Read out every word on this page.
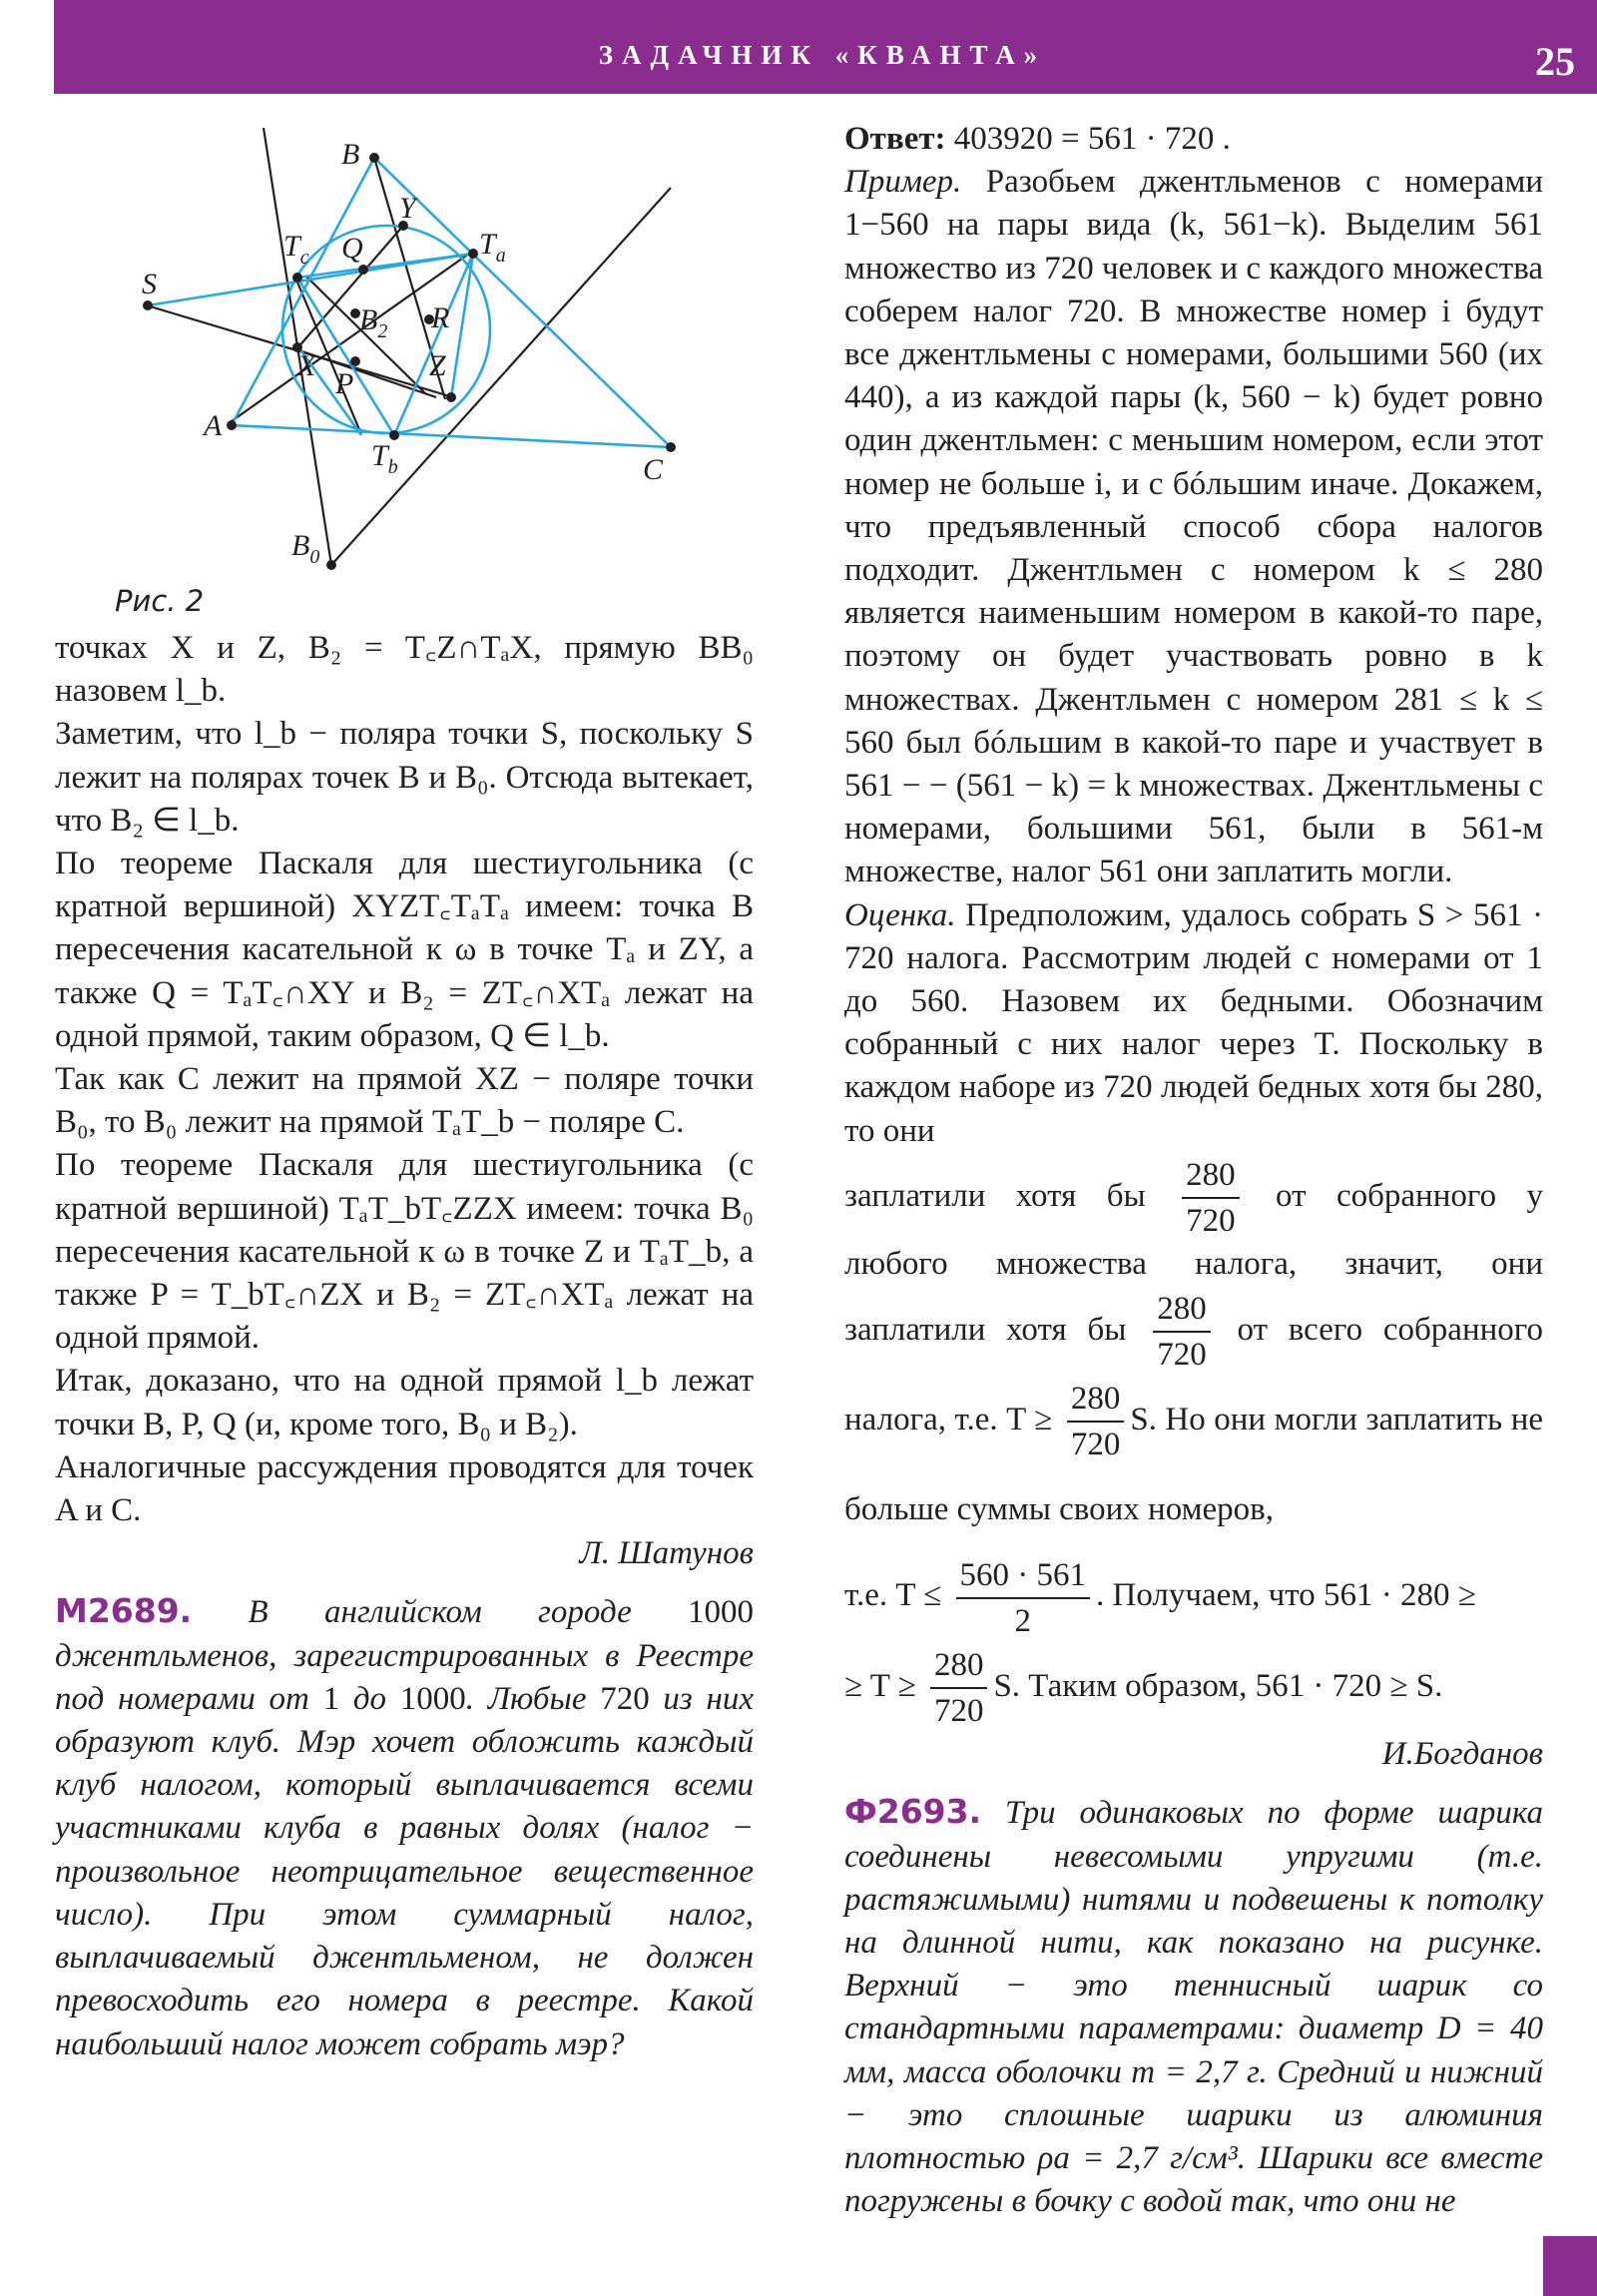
ЗАДАЧНИК «КВАНТА»	25
B
Y
$T_c$ Q	$T_a$
S
$B_2$ R
X
P
Z
A
$T_b$	C
$B_0$
Рис. 2

точках X и Z, B₂ = T꜀Z∩TₐX, прямую BB₀ назовем l_b.

Заметим, что l_b − поляра точки S, поскольку S лежит на полярах точек B и B₀. Отсюда вытекает, что B₂ ∈ l_b.

По теореме Паскаля для шестиугольника (с кратной вершиной) XYZT꜀TₐTₐ имеем: точка B пересечения касательной к ω в точке Tₐ и ZY, а также Q = TₐT꜀∩XY и B₂ = ZT꜀∩XTₐ лежат на одной прямой, таким образом, Q ∈ l_b.

Так как C лежит на прямой XZ − поляре точки B₀, то B₀ лежит на прямой TₐT_b − поляре C.

По теореме Паскаля для шестиугольника (с кратной вершиной) TₐT_bT꜀ZZX имеем: точка B₀ пересечения касательной к ω в точке Z и TₐT_b, а также P = T_bT꜀∩ZX и B₂ = ZT꜀∩XTₐ лежат на одной прямой.

Итак, доказано, что на одной прямой l_b лежат точки B, P, Q (и, кроме того, B₀ и B₂).

Аналогичные рассуждения проводятся для точек A и C.

Л. Шатунов

М2689. В английском городе 1000 джентльменов, зарегистрированных в Реестре под номерами от 1 до 1000. Любые 720 из них образуют клуб. Мэр хочет обложить каждый клуб налогом, который выплачивается всеми участниками клуба в равных долях (налог − произвольное неотрицательное вещественное число). При этом суммарный налог, выплачиваемый джентльменом, не должен превосходить его номера в реестре. Какой наибольший налог может собрать мэр?

Ответ: 403920 = 561 · 720 .

Пример. Разобьем джентльменов с номерами 1−560 на пары вида (k, 561−k). Выделим 561 множество из 720 человек и с каждого множества соберем налог 720. В множестве номер i будут все джентльмены с номерами, большими 560 (их 440), а из каждой пары (k, 560 − k) будет ровно один джентльмен: с меньшим номером, если этот номер не больше i, и с бóльшим иначе. Докажем, что предъявленный способ сбора налогов подходит. Джентльмен с номером k ≤ 280 является наименьшим номером в какой-то паре, поэтому он будет участвовать ровно в k множествах. Джентльмен с номером 281 ≤ k ≤ 560 был бóльшим в какой-то паре и участвует в 561 − − (561 − k) = k множествах. Джентльмены с номерами, большими 561, были в 561-м множестве, налог 561 они заплатить могли.

Оценка. Предположим, удалось собрать S > 561 · 720 налога. Рассмотрим людей с номерами от 1 до 560. Назовем их бедными. Обозначим собранный с них налог через T. Поскольку в каждом наборе из 720 людей бедных хотя бы 280, то они

заплатили хотя бы $\frac{280}{720}$ от собранного у

любого множества налога, значит, они

заплатили хотя бы $\frac{280}{720}$ от всего собранного

налога, т.е. $T \ge \frac{280}{720} S$. Но они могли заплатить не больше суммы своих номеров,

т.е. $T \le \frac{560 \cdot 561}{2}$ . Получаем, что 561 · 280 ≥

≥ $T \ge \frac{280}{720} S$. Таким образом, 561 · 720 ≥ S.

И.Богданов

Ф2693. Три одинаковых по форме шарика соединены невесомыми упругими (т.е. растяжимыми) нитями и подвешены к потолку на длинной нити, как показано на рисунке. Верхний − это теннисный шарик со стандартными параметрами: диаметр D = 40 мм, масса оболочки m = 2,7 г. Средний и нижний − это сплошные шарики из алюминия плотностью ρa = 2,7 г/см³. Шарики все вместе погружены в бочку с водой так, что они не
